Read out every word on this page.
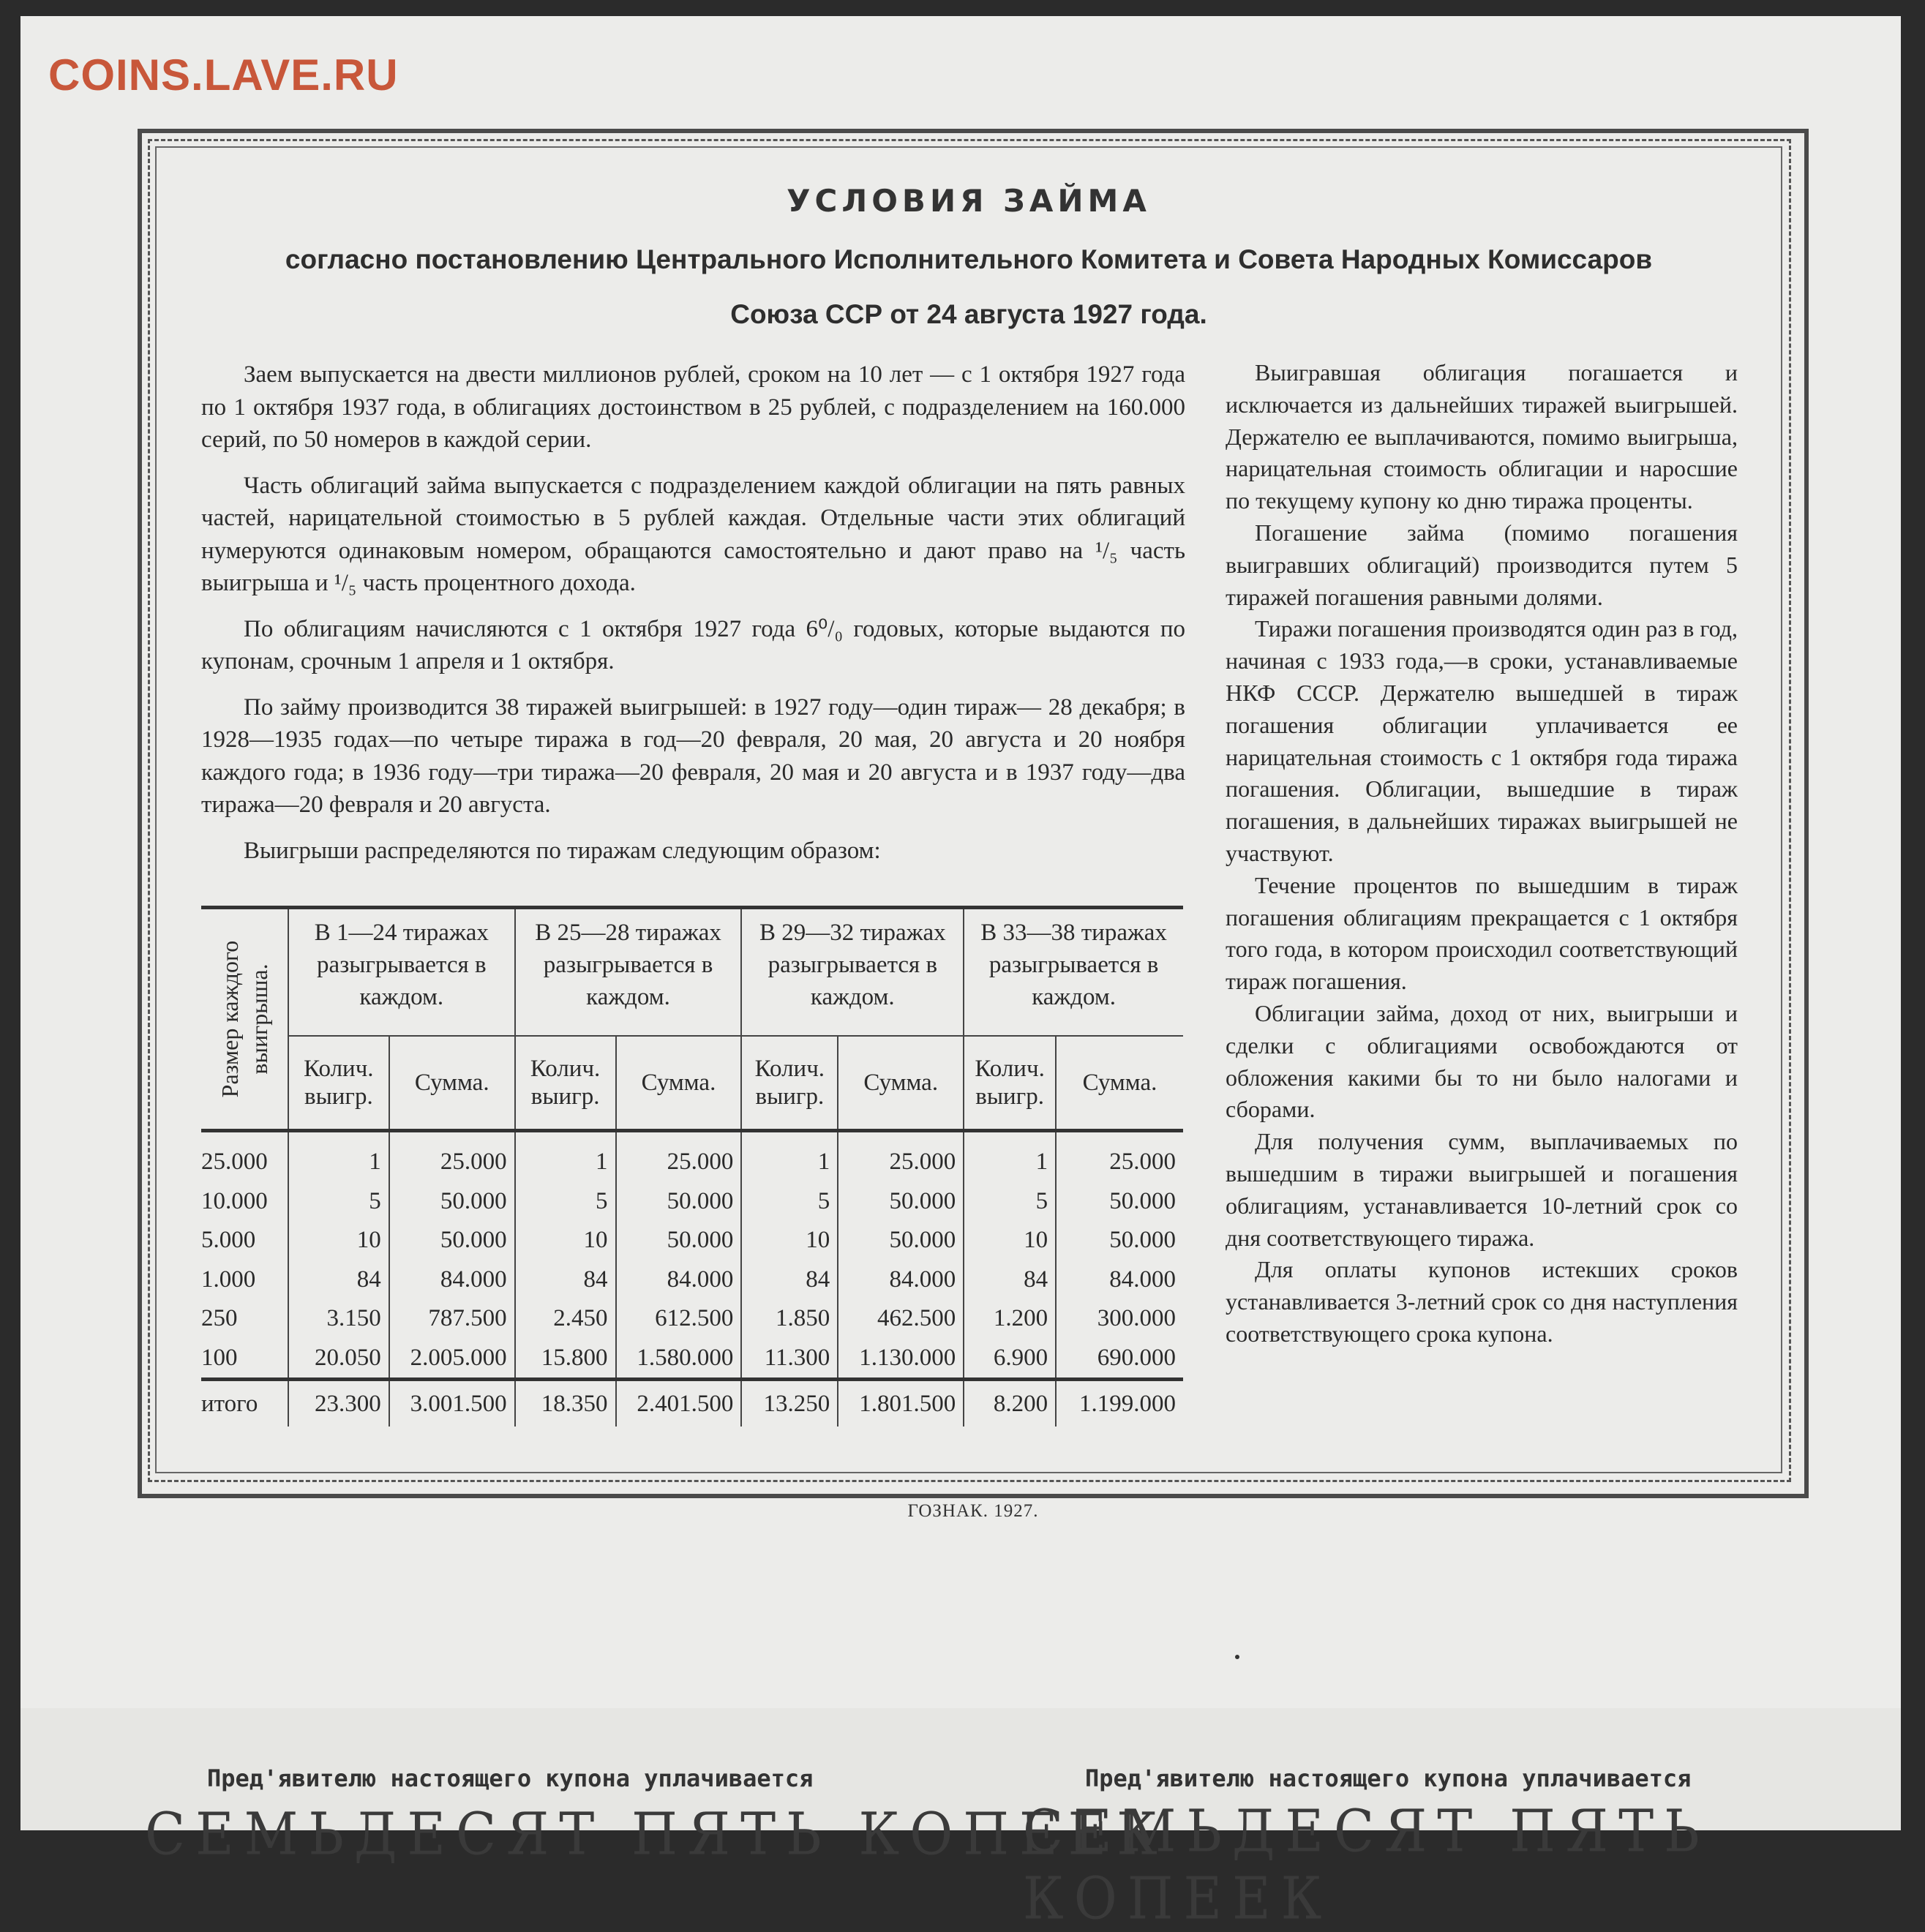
COINS.LAVE.RU
УСЛОВИЯ ЗАЙМА
согласно постановлению Центрального Исполнительного Комитета и Совета Народных Комиссаров
Союза ССР от 24 августа 1927 года.

Заем выпускается на двести миллионов рублей, сроком на 10 лет — с 1 октября 1927 года по 1 октября 1937 года, в облигациях достоинством в 25 рублей, с подразделением на 160.000 серий, по 50 номеров в каждой серии.

Часть облигаций займа выпускается с подразделением каждой облигации на пять равных частей, нарицательной стоимостью в 5 рублей каждая. Отдельные части этих облигаций нумеруются одинаковым номером, обращаются самостоятельно и дают право на ¹/₅ часть выигрыша и ¹/₅ часть процентного дохода.

По облигациям начисляются с 1 октября 1927 года 6⁰/₀ годовых, которые выдаются по купонам, срочным 1 апреля и 1 октября.

По займу производится 38 тиражей выигрышей: в 1927 году—один тираж— 28 декабря; в 1928—1935 годах—по четыре тиража в год—20 февраля, 20 мая, 20 августа и 20 ноября каждого года; в 1936 году—три тиража—20 февраля, 20 мая и 20 августа и в 1937 году—два тиража—20 февраля и 20 августа.

Выигрыши распределяются по тиражам следующим образом:

Выигравшая облигация погашается и исключается из дальнейших тиражей выигрышей. Держателю ее выплачиваются, помимо выигрыша, нарицательная стоимость облигации и наросшие по текущему купону ко дню тиража проценты.

Погашение займа (помимо погашения выигравших облигаций) производится путем 5 тиражей погашения равными долями.

Тиражи погашения производятся один раз в год, начиная с 1933 года,—в сроки, устанавливаемые НКФ СССР. Держателю вышедшей в тираж погашения облигации уплачивается ее нарицательная стоимость с 1 октября года тиража погашения. Облигации, вышедшие в тираж погашения, в дальнейших тиражах выигрышей не участвуют.

Течение процентов по вышедшим в тираж погашения облигациям прекращается с 1 октября того года, в котором происходил соответствующий тираж погашения.

Облигации займа, доход от них, выигрыши и сделки с облигациями освобождаются от обложения какими бы то ни было налогами и сборами.

Для получения сумм, выплачиваемых по вышедшим в тиражи выигрышей и погашения облигациям, устанавливается 10-летний срок со дня соответствующего тиража.

Для оплаты купонов истекших сроков устанавливается 3-летний срок со дня наступления соответствующего срока купона.

Размер каждого выигрыша.	В 1—24 тиражах разыгрывается в каждом.		В 25—28 тиражах разыгрывается в каждом.		В 29—32 тиражах разыгрывается в каждом.		В 33—38 тиражах разыгрывается в каждом.	
	Колич. выигр.	Сумма.	Колич. выигр.	Сумма.	Колич. выигр.	Сумма.	Колич. выигр.	Сумма.
25.000	1	25.000	1	25.000	1	25.000	1	25.000
10.000	5	50.000	5	50.000	5	50.000	5	50.000
5.000	10	50.000	10	50.000	10	50.000	10	50.000
1.000	84	84.000	84	84.000	84	84.000	84	84.000
250	3.150	787.500	2.450	612.500	1.850	462.500	1.200	300.000
100	20.050	2.005.000	15.800	1.580.000	11.300	1.130.000	6.900	690.000
итого	23.300	3.001.500	18.350	2.401.500	13.250	1.801.500	8.200	1.199.000
ГОЗНАК. 1927.
Пред'явителю настоящего купона уплачивается	Пред'явителю настоящего купона уплачивается
СЕМЬДЕСЯТ ПЯТЬ КОПЕЕК
СЕМЬДЕСЯТ ПЯТЬ КОПЕЕК
